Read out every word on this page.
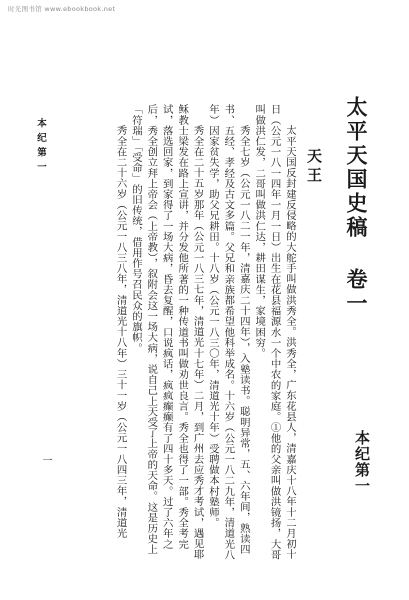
时光图书馆 www.ebookbook.net
太平天国史稿 卷一
本纪第一
天王

太平天国反封建反侵略的大舵手叫做洪秀全。洪秀全，广东花县人，清嘉庆十八年十二月初十日（公元一八一四年一月一日）出生在花县福源水一个中农的家庭。①他的父亲叫做洪镜扬，大哥叫做洪仁发，二哥叫做洪仁达，耕田谋生，家境困穷。

秀全七岁（公元一八二一年，清嘉庆二十四年），入塾读书。聪明异常，五、六年间，熟读四书、五经、孝经及古文多篇。父兄和亲族都希望他科举成名。十六岁（公元一八二九年，清道光八年）因家贫失学，助父兄耕田。十八岁（公元一八三〇年，清道光十年）受聘做本村塾师。

秀全在二十五岁那年（公元一八三七年，清道光十七年）二月，到广州去应秀才考试，遇见耶稣教士梁发在路上宣讲，并分发他所著的一种传道书叫做劝世良言。秀全也得了一部。秀全考完试，落选回家，到家得了一场大病，昏去复醒，口说疯话，疯疯癫癫有了四十多天。过了六年之后，秀全创立拜上帝会（上帝教），叙附会这一场大病，说自己上天受了上帝的天命。这是历史上「符瑞」「受命」的旧传统，借用作号召民众的旗帜。

秀全在二十六岁（公元一八三八年，清道光十八年）三十一岁（公元一八四三年，清道光

本纪第一
一
